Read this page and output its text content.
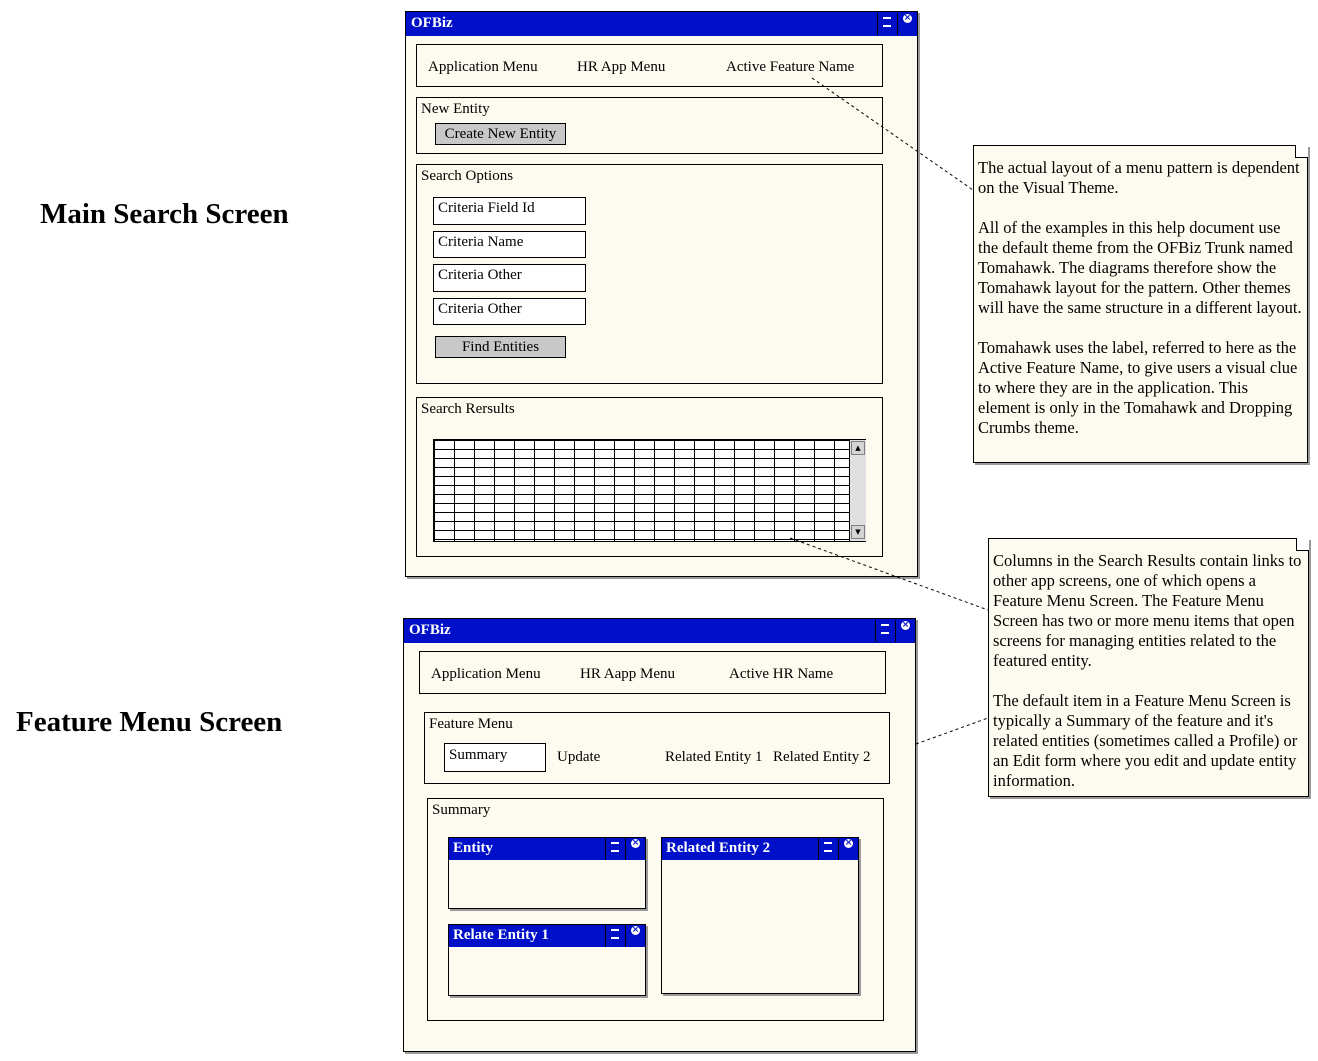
Main Search Screen
Feature Menu Screen
OFBiz
×
Application Menu	HR App Menu	Active Feature Name
New Entity
Create New Entity
Search Options
Criteria Field Id
Criteria Name
Criteria Other
Criteria Other
Find Entities
Search Rersults
▲
▼
OFBiz
×
Application Menu	HR Aapp Menu	Active HR Name
Feature Menu
Summary	Update	Related Entity 1 Related Entity 2
Summary
Entity
×
Relate Entity 1
×
Related Entity 2
×

The actual layout of a menu pattern is dependent on the Visual Theme.

All of the examples in this help document use the default theme from the OFBiz Trunk named Tomahawk. The diagrams therefore show the Tomahawk layout for the pattern. Other themes will have the same structure in a different layout.

Tomahawk uses the label, referred to here as the Active Feature Name, to give users a visual clue to where they are in the application. This element is only in the Tomahawk and Dropping Crumbs theme.

Columns in the Search Results contain links to other app screens, one of which opens a Feature Menu Screen. The Feature Menu Screen has two or more menu items that open screens for managing entities related to the featured entity.

The default item in a Feature Menu Screen is typically a Summary of the feature and it's related entities (sometimes called a Profile) or an Edit form where you edit and update entity information.
